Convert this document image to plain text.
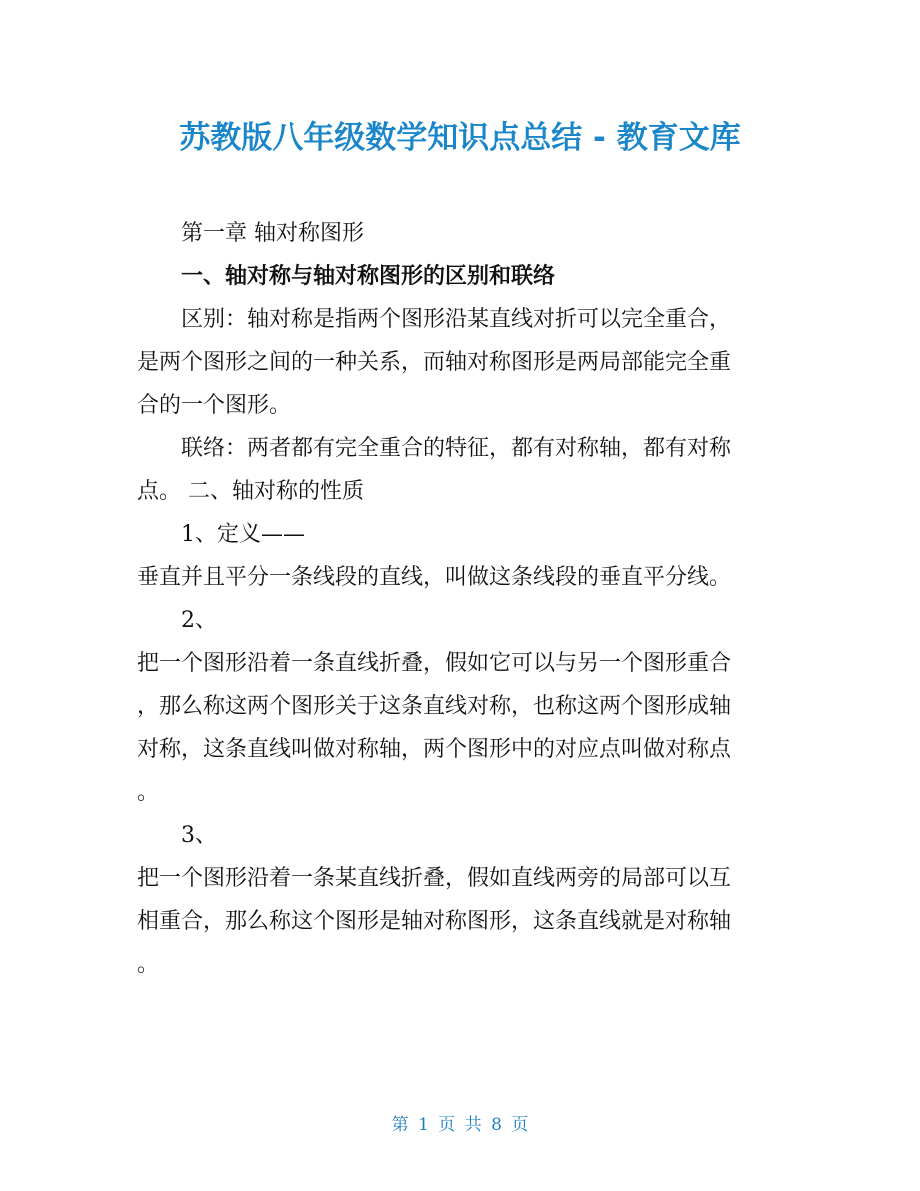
苏教版八年级数学知识点总结 - 教育文库
第一章 轴对称图形
一、轴对称与轴对称图形的区别和联络
区别：轴对称是指两个图形沿某直线对折可以完全重合，
是两个图形之间的一种关系，而轴对称图形是两局部能完全重
合的一个图形。
联络：两者都有完全重合的特征，都有对称轴，都有对称
点。 二、轴对称的性质
1、定义——
垂直并且平分一条线段的直线，叫做这条线段的垂直平分线。
2、
把一个图形沿着一条直线折叠，假如它可以与另一个图形重合
，那么称这两个图形关于这条直线对称，也称这两个图形成轴
对称，这条直线叫做对称轴，两个图形中的对应点叫做对称点
。
3、
把一个图形沿着一条某直线折叠，假如直线两旁的局部可以互
相重合，那么称这个图形是轴对称图形，这条直线就是对称轴
。
第 1 页 共 8 页
